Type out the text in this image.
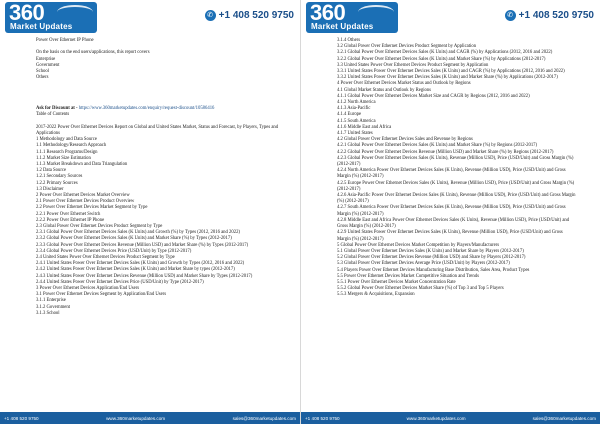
360
Market Updates
✆ +1 408 520 9750
Power Over Ethernet IP Phone
On the basis on the end users/applications, this report covers
Enterprise
Government
School
Others
Ask for Discount at - https://www.360marketupdates.com/enquiry/request-discount/10586416
Table of Contents
2017-2022 Power Over Ethernet Devices Report on Global and United States Market, Status and Forecast, by Players, Types and Applications
1 Methodology and Data Source
1.1 Methodology/Research Approach
1.1.1 Research Programs/Design
1.1.2 Market Size Estimation
1.1.3 Market Breakdown and Data Triangulation
1.2 Data Source
1.2.1 Secondary Sources
1.2.2 Primary Sources
1.3 Disclaimer
2 Power Over Ethernet Devices Market Overview
2.1 Power Over Ethernet Devices Product Overview
2.2 Power Over Ethernet Devices Market Segment by Type
2.2.1 Power Over Ethernet Switch
2.2.2 Power Over Ethernet IP Phone
2.3 Global Power Over Ethernet Devices Product Segment by Type
2.3.1 Global Power Over Ethernet Devices Sales (K Units) and Growth (%) by Types (2012, 2016 and 2022)
2.3.2 Global Power Over Ethernet Devices Sales (K Units) and Market Share (%) by Types (2012-2017)
2.3.3 Global Power Over Ethernet Devices Revenue (Million USD) and Market Share (%) by Types (2012-2017)
2.3.4 Global Power Over Ethernet Devices Price (USD/Unit) by Type (2012-2017)
2.4 United States Power Over Ethernet Devices Product Segment by Type
2.4.1 United States Power Over Ethernet Devices Sales (K Units) and Growth by Types (2012, 2016 and 2022)
2.4.2 United States Power Over Ethernet Devices Sales (K Units) and Market Share by types (2012-2017)
2.4.3 United States Power Over Ethernet Devices Revenue (Million USD) and Market Share by Types (2012-2017)
2.4.4 United States Power Over Ethernet Devices Price (USD/Unit) by Type (2012-2017)
3 Power Over Ethernet Devices Application/End Users
3.1 Power Over Ethernet Devices Segment by Application/End Users
3.1.1 Enterprise
3.1.2 Government
3.1.3 School
+1 408 520 9750	www.360marketupdates.com	sales@360marketupdates.com
360
Market Updates
✆ +1 408 520 9750
3.1.4 Others
3.2 Global Power Over Ethernet Devices Product Segment by Application
3.2.1 Global Power Over Ethernet Devices Sales (K Units) and CAGR (%) by Applications (2012, 2016 and 2022)
3.2.2 Global Power Over Ethernet Devices Sales (K Units) and Market Share (%) by Applications (2012-2017)
3.3 United States Power Over Ethernet Devices Product Segment by Application
3.3.1 United States Power Over Ethernet Devices Sales (K Units) and CAGR (%) by Applications (2012, 2016 and 2022)
3.3.2 United States Power Over Ethernet Devices Sales (K Units) and Market Share (%) by Applications (2012-2017)
4 Power Over Ethernet Devices Market Status and Outlook by Regions
4.1 Global Market Status and Outlook by Regions
4.1.1 Global Power Over Ethernet Devices Market Size and CAGR by Regions (2012, 2016 and 2022)
4.1.2 North America
4.1.3 Asia-Pacific
4.1.4 Europe
4.1.5 South America
4.1.6 Middle East and Africa
4.1.7 United States
4.2 Global Power Over Ethernet Devices Sales and Revenue by Regions
4.2.1 Global Power Over Ethernet Devices Sales (K Units) and Market Share (%) by Regions (2012-2017)
4.2.2 Global Power Over Ethernet Devices Revenue (Million USD) and Market Share (%) by Regions (2012-2017)
4.2.3 Global Power Over Ethernet Devices Sales (K Units), Revenue (Million USD), Price (USD/Unit) and Gross Margin (%) (2012-2017)
4.2.4 North America Power Over Ethernet Devices Sales (K Units), Revenue (Million USD), Price (USD/Unit) and Gross Margin (%) (2012-2017)
4.2.5 Europe Power Over Ethernet Devices Sales (K Units), Revenue (Million USD), Price (USD/Unit) and Gross Margin (%) (2012-2017)
4.2.6 Asia-Pacific Power Over Ethernet Devices Sales (K Units), Revenue (Million USD), Price (USD/Unit) and Gross Margin (%) (2012-2017)
4.2.7 South America Power Over Ethernet Devices Sales (K Units), Revenue (Million USD), Price (USD/Unit) and Gross Margin (%) (2012-2017)
4.2.8 Middle East and Africa Power Over Ethernet Devices Sales (K Units), Revenue (Million USD), Price (USD/Unit) and Gross Margin (%) (2012-2017)
4.2.9 United States Power Over Ethernet Devices Sales (K Units), Revenue (Million USD), Price (USD/Unit) and Gross Margin (%) (2012-2017)
5 Global Power Over Ethernet Devices Market Competition by Players/Manufacturers
5.1 Global Power Over Ethernet Devices Sales (K Units) and Market Share by Players (2012-2017)
5.2 Global Power Over Ethernet Devices Revenue (Million USD) and Share by Players (2012-2017)
5.3 Global Power Over Ethernet Devices Average Price (USD/Unit) by Players (2012-2017)
5.4 Players Power Over Ethernet Devices Manufacturing Base Distribution, Sales Area, Product Types
5.5 Power Over Ethernet Devices Market Competitive Situation and Trends
5.5.1 Power Over Ethernet Devices Market Concentration Rate
5.5.2 Global Power Over Ethernet Devices Market Share (%) of Top 3 and Top 5 Players
5.5.3 Mergers & Acquisitions, Expansion
+1 408 520 9750	www.360marketupdates.com	sales@360marketupdates.com
